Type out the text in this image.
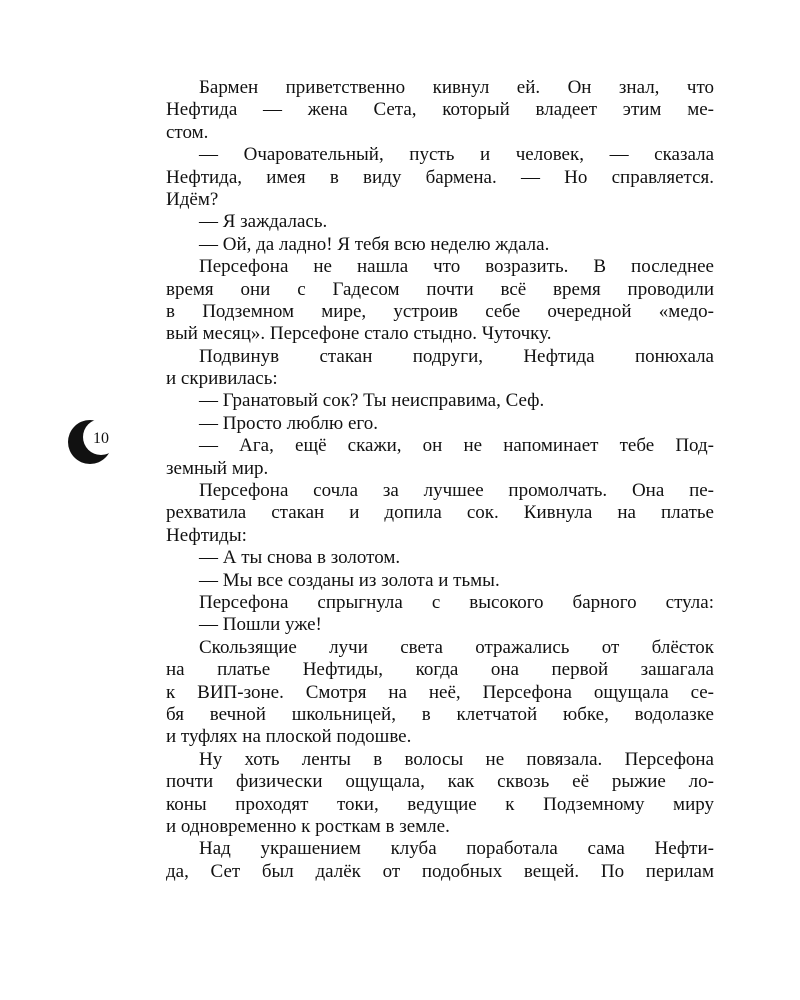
10
Бармен приветственно кивнул ей. Он знал, что
Нефтида — жена Сета, который владеет этим ме-
стом.
— Очаровательный, пусть и человек, — сказала
Нефтида, имея в виду бармена. — Но справляется.
Идём?
— Я заждалась.
— Ой, да ладно! Я тебя всю неделю ждала.
Персефона не нашла что возразить. В последнее
время они с Гадесом почти всё время проводили
в Подземном мире, устроив себе очередной «медо-
вый месяц». Персефоне стало стыдно. Чуточку.
Подвинув стакан подруги, Нефтида понюхала
и скривилась:
— Гранатовый сок? Ты неисправима, Сеф.
— Просто люблю его.
— Ага, ещё скажи, он не напоминает тебе Под-
земный мир.
Персефона сочла за лучшее промолчать. Она пе-
рехватила стакан и допила сок. Кивнула на платье
Нефтиды:
— А ты снова в золотом.
— Мы все созданы из золота и тьмы.
Персефона спрыгнула с высокого барного стула:
— Пошли уже!
Скользящие лучи света отражались от блёсток
на платье Нефтиды, когда она первой зашагала
к ВИП-зоне. Смотря на неё, Персефона ощущала се-
бя вечной школьницей, в клетчатой юбке, водолазке
и туфлях на плоской подошве.
Ну хоть ленты в волосы не повязала. Персефона
почти физически ощущала, как сквозь её рыжие ло-
коны проходят токи, ведущие к Подземному миру
и одновременно к росткам в земле.
Над украшением клуба поработала сама Нефти-
да, Сет был далёк от подобных вещей. По перилам
